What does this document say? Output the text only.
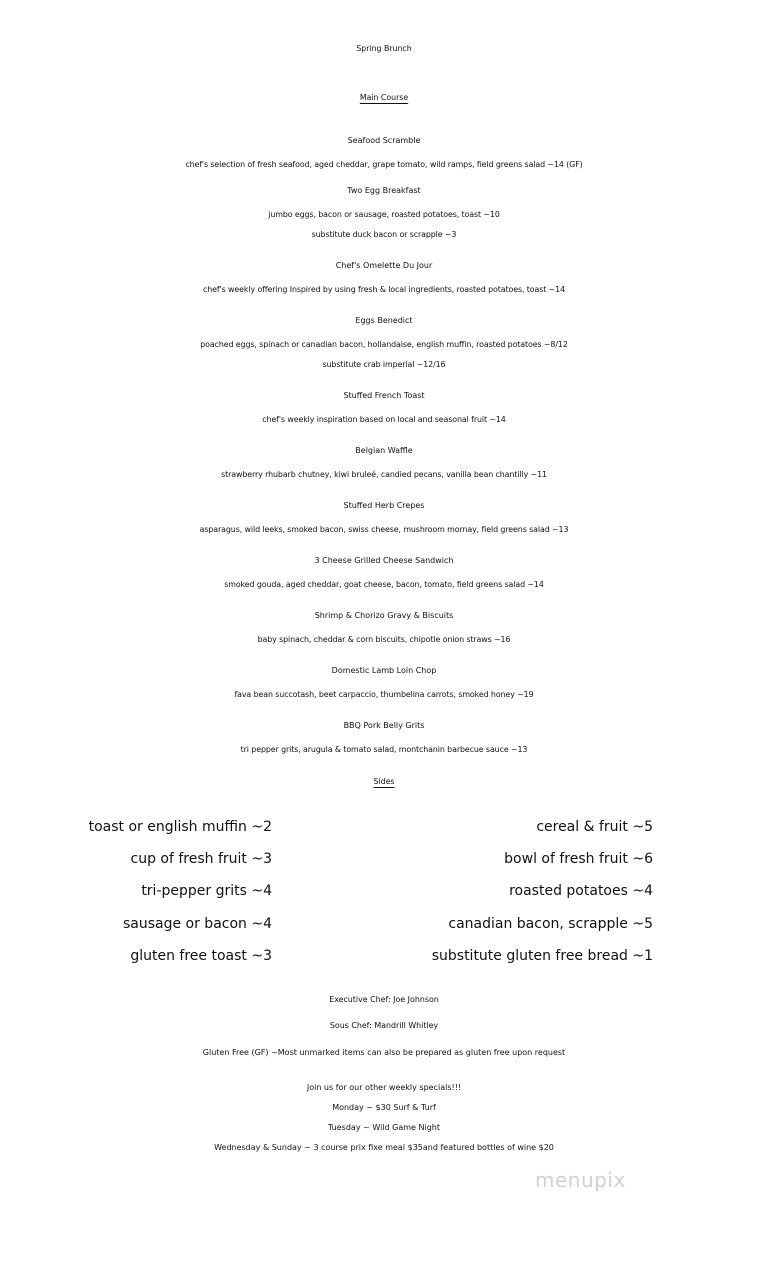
Spring Brunch
Main Course
Seafood Scramble
chef's selection of fresh seafood, aged cheddar, grape tomato, wild ramps, field greens salad ~14 (GF)
Two Egg Breakfast
jumbo eggs, bacon or sausage, roasted potatoes, toast ~10
substitute duck bacon or scrapple ~3
Chef's Omelette Du Jour
chef's weekly offering Inspired by using fresh & local ingredients, roasted potatoes, toast ~14
Eggs Benedict
poached eggs, spinach or canadian bacon, hollandaise, english muffin, roasted potatoes ~8/12
substitute crab imperial ~12/16
Stuffed French Toast
chef's weekly inspiration based on local and seasonal fruit ~14
Belgian Waffle
strawberry rhubarb chutney, kiwi bruleé, candied pecans, vanilla bean chantilly ~11
Stuffed Herb Crepes
asparagus, wild leeks, smoked bacon, swiss cheese, mushroom mornay, field greens salad ~13
3 Cheese Grilled Cheese Sandwich
smoked gouda, aged cheddar, goat cheese, bacon, tomato, field greens salad ~14
Shrimp & Chorizo Gravy & Biscuits
baby spinach, cheddar & corn biscuits, chipotle onion straws ~16
Domestic Lamb Loin Chop
fava bean succotash, beet carpaccio, thumbelina carrots, smoked honey ~19
BBQ Pork Belly Grits
tri pepper grits, arugula & tomato salad, montchanin barbecue sauce ~13
Sides
toast or english muffin ~2
cup of fresh fruit ~3
tri-pepper grits ~4
sausage or bacon ~4
gluten free toast ~3
cereal & fruit ~5
bowl of fresh fruit ~6
roasted potatoes ~4
canadian bacon, scrapple ~5
substitute gluten free bread ~1
Executive Chef: Joe Johnson
Sous Chef: Mandrill Whitley
Gluten Free (GF) ~Most unmarked items can also be prepared as gluten free upon request
Join us for our other weekly specials!!!
Monday ~ $30 Surf & Turf
Tuesday ~ Wild Game Night
Wednesday & Sunday ~ 3 course prix fixe meal $35and featured bottles of wine $20
menupix
